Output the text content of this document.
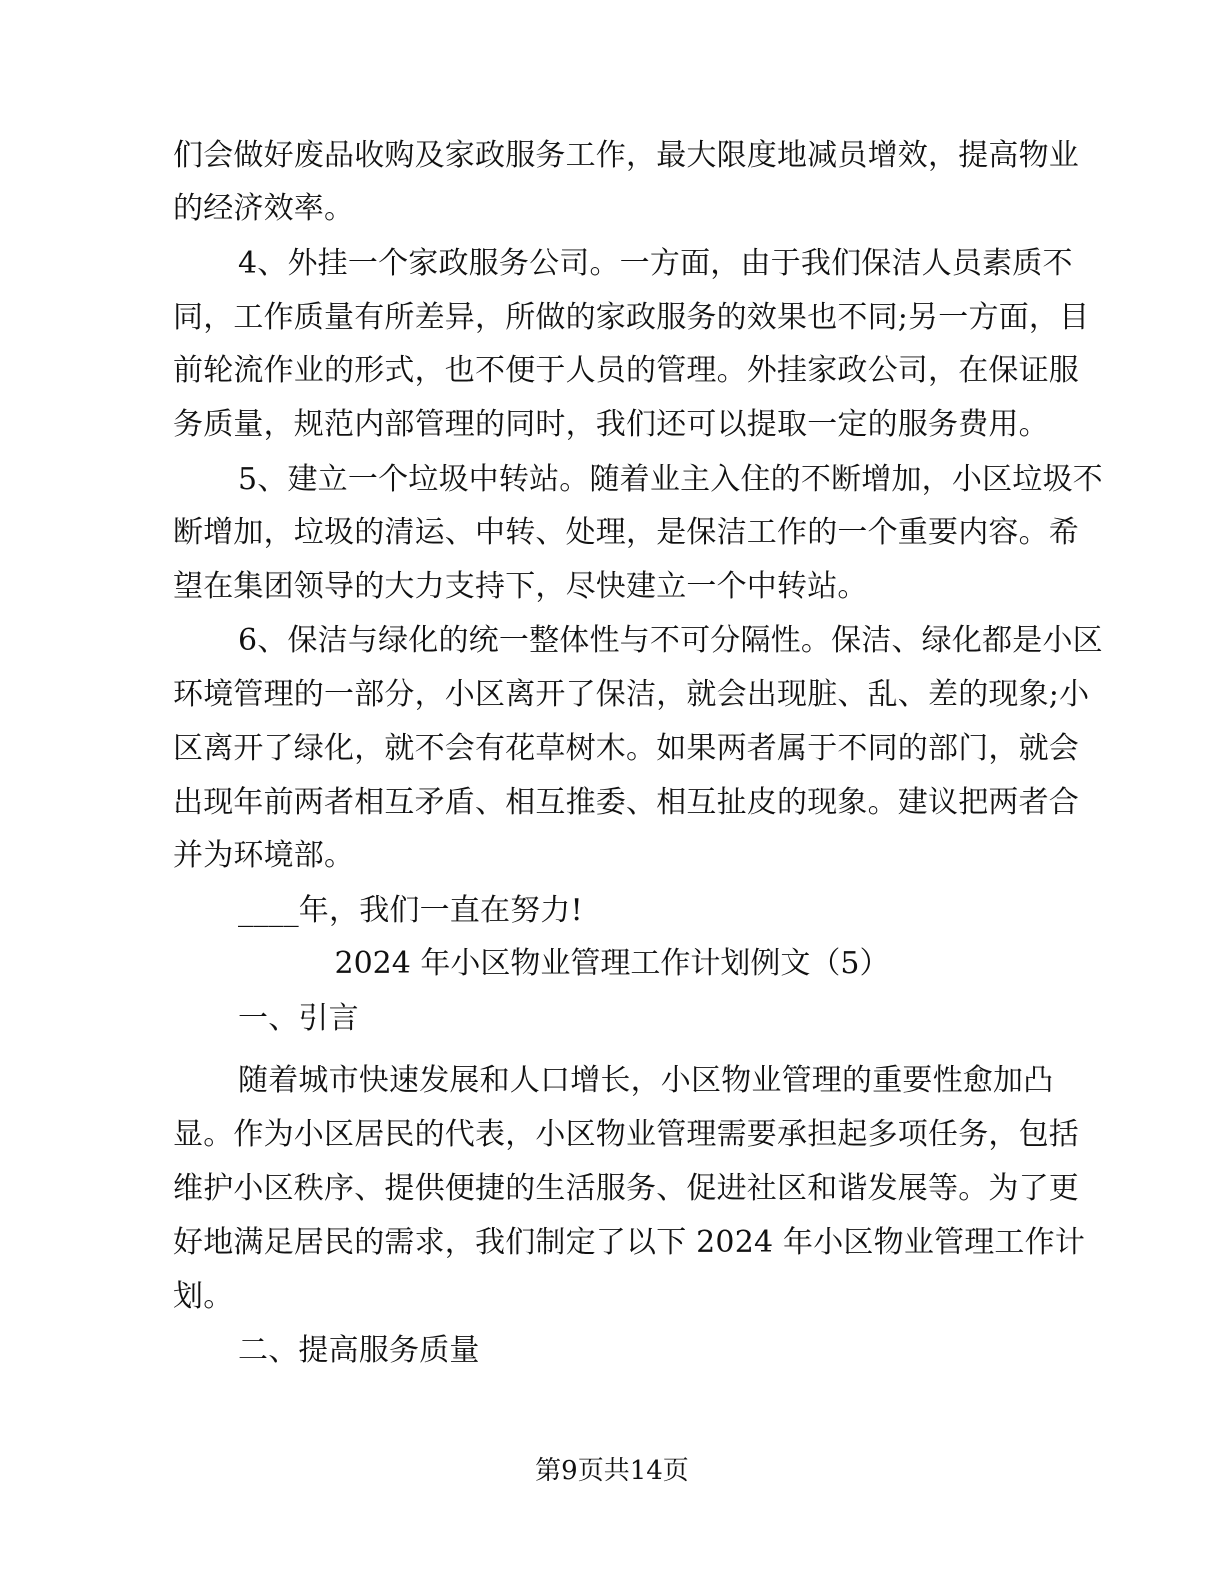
们会做好废品收购及家政服务工作，最大限度地减员增效，提高物业
的经济效率。
4、外挂一个家政服务公司。一方面，由于我们保洁人员素质不
同，工作质量有所差异，所做的家政服务的效果也不同;另一方面，目
前轮流作业的形式，也不便于人员的管理。外挂家政公司，在保证服
务质量，规范内部管理的同时，我们还可以提取一定的服务费用。
5、建立一个垃圾中转站。随着业主入住的不断增加，小区垃圾不
断增加，垃圾的清运、中转、处理，是保洁工作的一个重要内容。希
望在集团领导的大力支持下，尽快建立一个中转站。
6、保洁与绿化的统一整体性与不可分隔性。保洁、绿化都是小区
环境管理的一部分，小区离开了保洁，就会出现脏、乱、差的现象;小
区离开了绿化，就不会有花草树木。如果两者属于不同的部门，就会
出现年前两者相互矛盾、相互推委、相互扯皮的现象。建议把两者合
并为环境部。
____年，我们一直在努力!
2024 年小区物业管理工作计划例文（5）
一、引言
随着城市快速发展和人口增长，小区物业管理的重要性愈加凸
显。作为小区居民的代表，小区物业管理需要承担起多项任务，包括
维护小区秩序、提供便捷的生活服务、促进社区和谐发展等。为了更
好地满足居民的需求，我们制定了以下 2024 年小区物业管理工作计
划。
二、提高服务质量
第9页共14页
